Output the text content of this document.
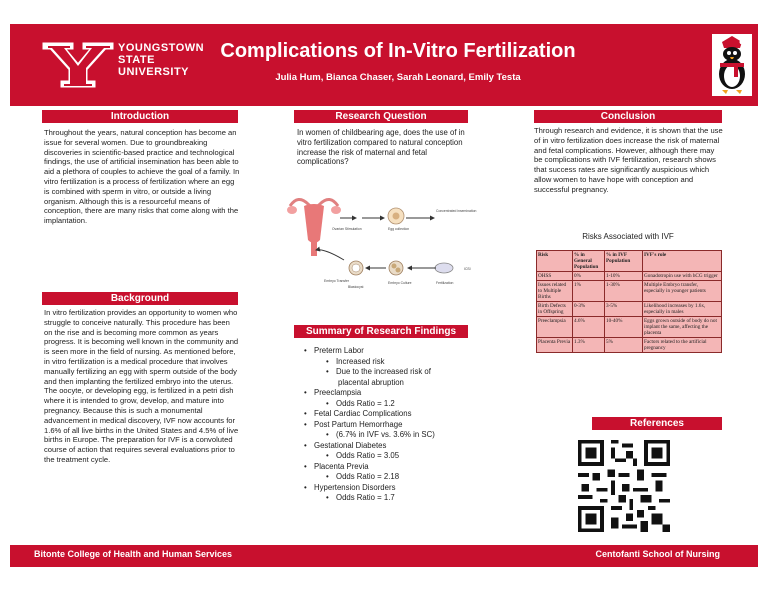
YOUNGSTOWN
STATE
UNIVERSITY
Complications of In-Vitro Fertilization
Julia Hum, Bianca Chaser, Sarah Leonard, Emily Testa
Introduction
Throughout the years, natural conception has become an issue for several women. Due to groundbreaking discoveries in scientific-based practice and technological findings, the use of artificial insemination has been able to aid a plethora of couples to achieve the goal of a family. In vitro fertilization is a process of fertilization where an egg is combined with sperm in vitro, or outside a living organism. Although this is a resourceful means of conception, there are many risks that come along with the implantation.
Background
In vitro fertilization provides an opportunity to women who struggle to conceive naturally. This procedure has been on the rise and is becoming more common as years progress. It is becoming well known in the community and is seen more in the field of nursing. As mentioned before, in vitro fertilization is a medical procedure that involves manually fertilizing an egg with sperm outside of the body and then implanting the fertilized embryo into the uterus. The oocyte, or developing egg, is fertilized in a petri dish where it is intended to grow, develop, and mature into pregnancy. Because this is such a monumental advancement in medical discovery, IVF now accounts for 1.6% of all live births in the United States and 4.5% of live births in Europe. The preparation for IVF is a convoluted course of action that requires several evaluations prior to the treatment cycle.
Research Question
In women of childbearing age, does the use of in vitro fertilization compared to natural conception increase the risk of maternal and fetal complications?
Ovarian Stimulation	Egg collection
Concentrated insemination
ICSI
Fertilization
Embryo Culture
Embryo Transfer
Blastocyst
Summary of Research Findings
• Preterm Labor
• Increased risk
• Due to the increased risk of
placental abruption
• Preeclampsia
• Odds Ratio = 1.2
• Fetal Cardiac Complications
• Post Partum Hemorrhage
• (6.7% in IVF vs. 3.6% in SC)
• Gestational Diabetes
• Odds Ratio = 3.05
• Placenta Previa
• Odds Ratio = 2.18
• Hypertension Disorders
• Odds Ratio = 1.7
Conclusion
Through research and evidence, it is shown that the use of in vitro fertilization does increase the risk of maternal and fetal complications. However, although there may be complications with IVF fertilization, research shows that success rates are significantly auspicious which allow women to have hope with conception and successful pregnancy.
Risks Associated with IVF
Risk	% in General Population	% in IVF Population	IVF's role
OHSS	0%	1-10%	Gonadotropin use with hCG trigger
Issues related to Multiple Births	1%	1-30%	Multiple Embryo transfer, especially in younger patients
Birth Defects in Offspring	0-3%	3-5%	Likelihood increases by 1.6x, especially in males
Preeclampsia	4.6%	10-40%	Eggs grown outside of body do not implant the same, affecting the placenta
Placenta Previa	1.3%	5%	Factors related to the artificial pregnancy
References
Bitonte College of Health and Human Services	Centofanti School of Nursing
